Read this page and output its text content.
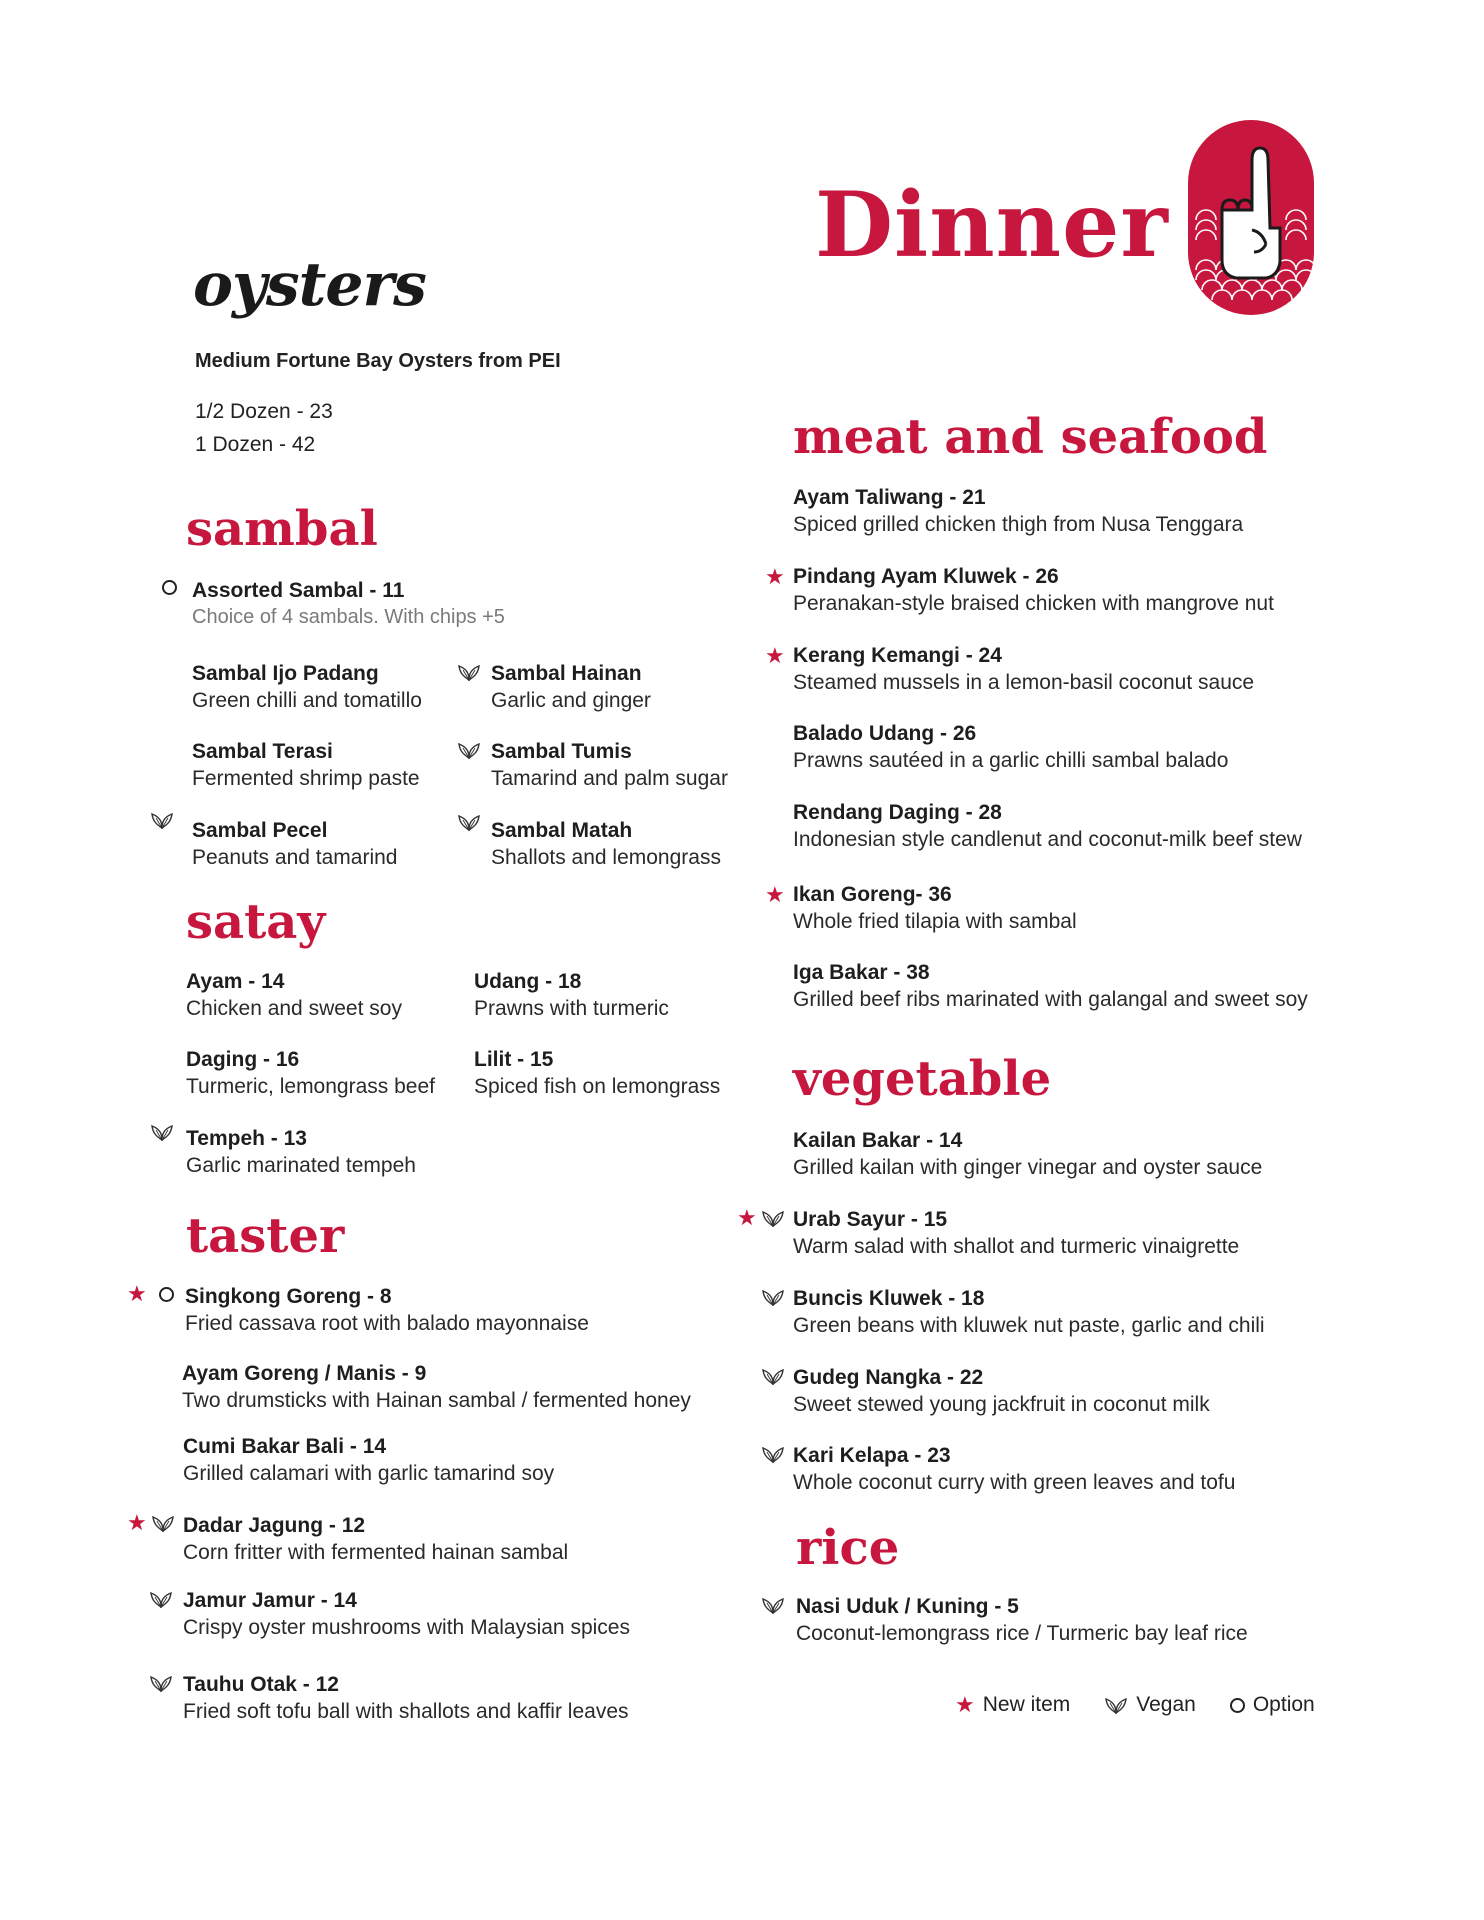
Dinner
oysters
Medium Fortune Bay Oysters from PEI
1/2 Dozen - 23
1 Dozen - 42
sambal
Assorted Sambal - 11
Choice of 4 sambals. With chips +5
Sambal Ijo Padang
Green chilli and tomatillo
Sambal Hainan
Garlic and ginger
Sambal Terasi
Fermented shrimp paste
Sambal Tumis
Tamarind and palm sugar
Sambal Pecel
Peanuts and tamarind
Sambal Matah
Shallots and lemongrass
satay
Ayam - 14
Chicken and sweet soy
Udang - 18
Prawns with turmeric
Daging - 16
Turmeric, lemongrass beef
Lilit - 15
Spiced fish on lemongrass
Tempeh - 13
Garlic marinated tempeh
taster
★ Singkong Goreng - 8
Fried cassava root with balado mayonnaise
Ayam Goreng / Manis - 9
Two drumsticks with Hainan sambal / fermented honey
Cumi Bakar Bali - 14
Grilled calamari with garlic tamarind soy
★ Dadar Jagung - 12
Corn fritter with fermented hainan sambal
Jamur Jamur - 14
Crispy oyster mushrooms with Malaysian spices
Tauhu Otak - 12
Fried soft tofu ball with shallots and kaffir leaves
meat and seafood
Ayam Taliwang - 21
Spiced grilled chicken thigh from Nusa Tenggara
★ Pindang Ayam Kluwek - 26
Peranakan-style braised chicken with mangrove nut
★ Kerang Kemangi - 24
Steamed mussels in a lemon-basil coconut sauce
Balado Udang - 26
Prawns sautéed in a garlic chilli sambal balado
Rendang Daging - 28
Indonesian style candlenut and coconut-milk beef stew
★ Ikan Goreng- 36
Whole fried tilapia with sambal
Iga Bakar - 38
Grilled beef ribs marinated with galangal and sweet soy
vegetable
Kailan Bakar - 14
Grilled kailan with ginger vinegar and oyster sauce
★ Urab Sayur - 15
Warm salad with shallot and turmeric vinaigrette
Buncis Kluwek - 18
Green beans with kluwek nut paste, garlic and chili
Gudeg Nangka - 22
Sweet stewed young jackfruit in coconut milk
Kari Kelapa - 23
Whole coconut curry with green leaves and tofu
rice
Nasi Uduk / Kuning - 5
Coconut-lemongrass rice / Turmeric bay leaf rice
★ New item	Vegan	Option
